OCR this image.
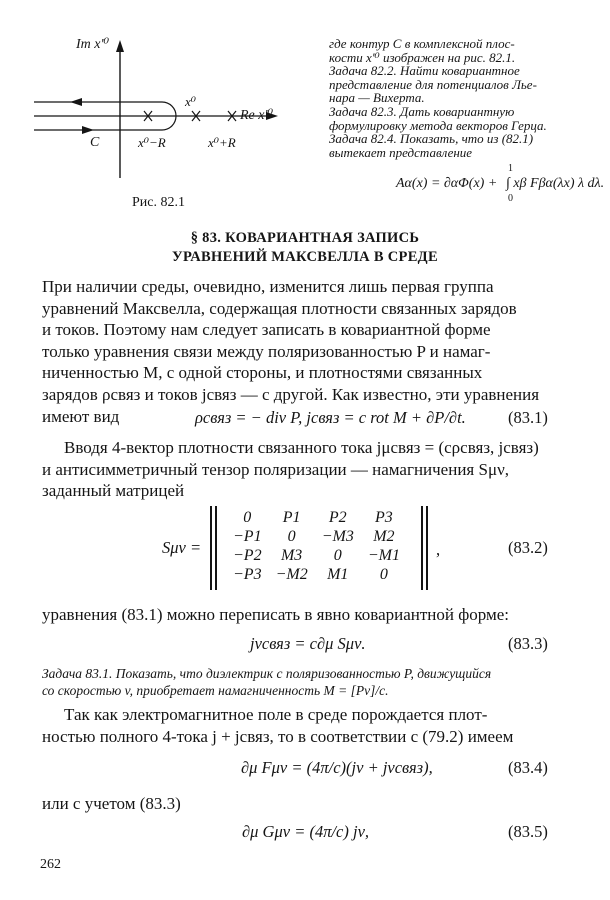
Im x'⁰
Re x'⁰
x⁰
x⁰−R	x⁰+R
C
Рис. 82.1
где контур C в комплексной плос-
кости x'⁰ изображен на рис. 82.1.
Задача 82.2. Найти ковариантное
представление для потенциалов Лье-
нара — Вихерта.
Задача 82.3. Дать ковариантную
формулировку метода векторов Герца.
Задача 82.4. Показать, что из (82.1)
вытекает представление
Aα(x) = ∂αΦ(x) +
1
0
∫ xβ Fβα(λx) λ dλ.
§ 83. КОВАРИАНТНАЯ ЗАПИСЬ
УРАВНЕНИЙ МАКСВЕЛЛА В СРЕДЕ
При наличии среды, очевидно, изменится лишь первая группа
уравнений Максвелла, содержащая плотности связанных зарядов
и токов. Поэтому нам следует записать в ковариантной форме
только уравнения связи между поляризованностью P и намаг-
ниченностью M, с одной стороны, и плотностями связанных
зарядов ρсвяз и токов jсвяз — с другой. Как известно, эти уравнения
имеют вид	ρсвяз = − div P, jсвяз = c rot M + ∂P/∂t.	(83.1)
Вводя 4-вектор плотности связанного тока jμсвяз = (cρсвяз, jсвяз)
и антисимметричный тензор поляризации — намагничения Sμν,
заданный матрицей
Sμν =
0	P1	P2	P3
−P1	0	−M3	M2
−P2	M3	0	−M1
−P3	−M2	M1	0
,	(83.2)
уравнения (83.1) можно переписать в явно ковариантной форме:
jνсвяз = c∂μ Sμν.	(83.3)
Задача 83.1. Показать, что диэлектрик с поляризованностью P, движущийся
со скоростью v, приобретает намагниченность M = [Pv]/c.
Так как электромагнитное поле в среде порождается плот-
ностью полного 4-тока j + jсвяз, то в соответствии с (79.2) имеем
∂μ Fμν = (4π/c)(jν + jνсвяз),	(83.4)
или с учетом (83.3)
∂μ Gμν = (4π/c) jν,	(83.5)
262
